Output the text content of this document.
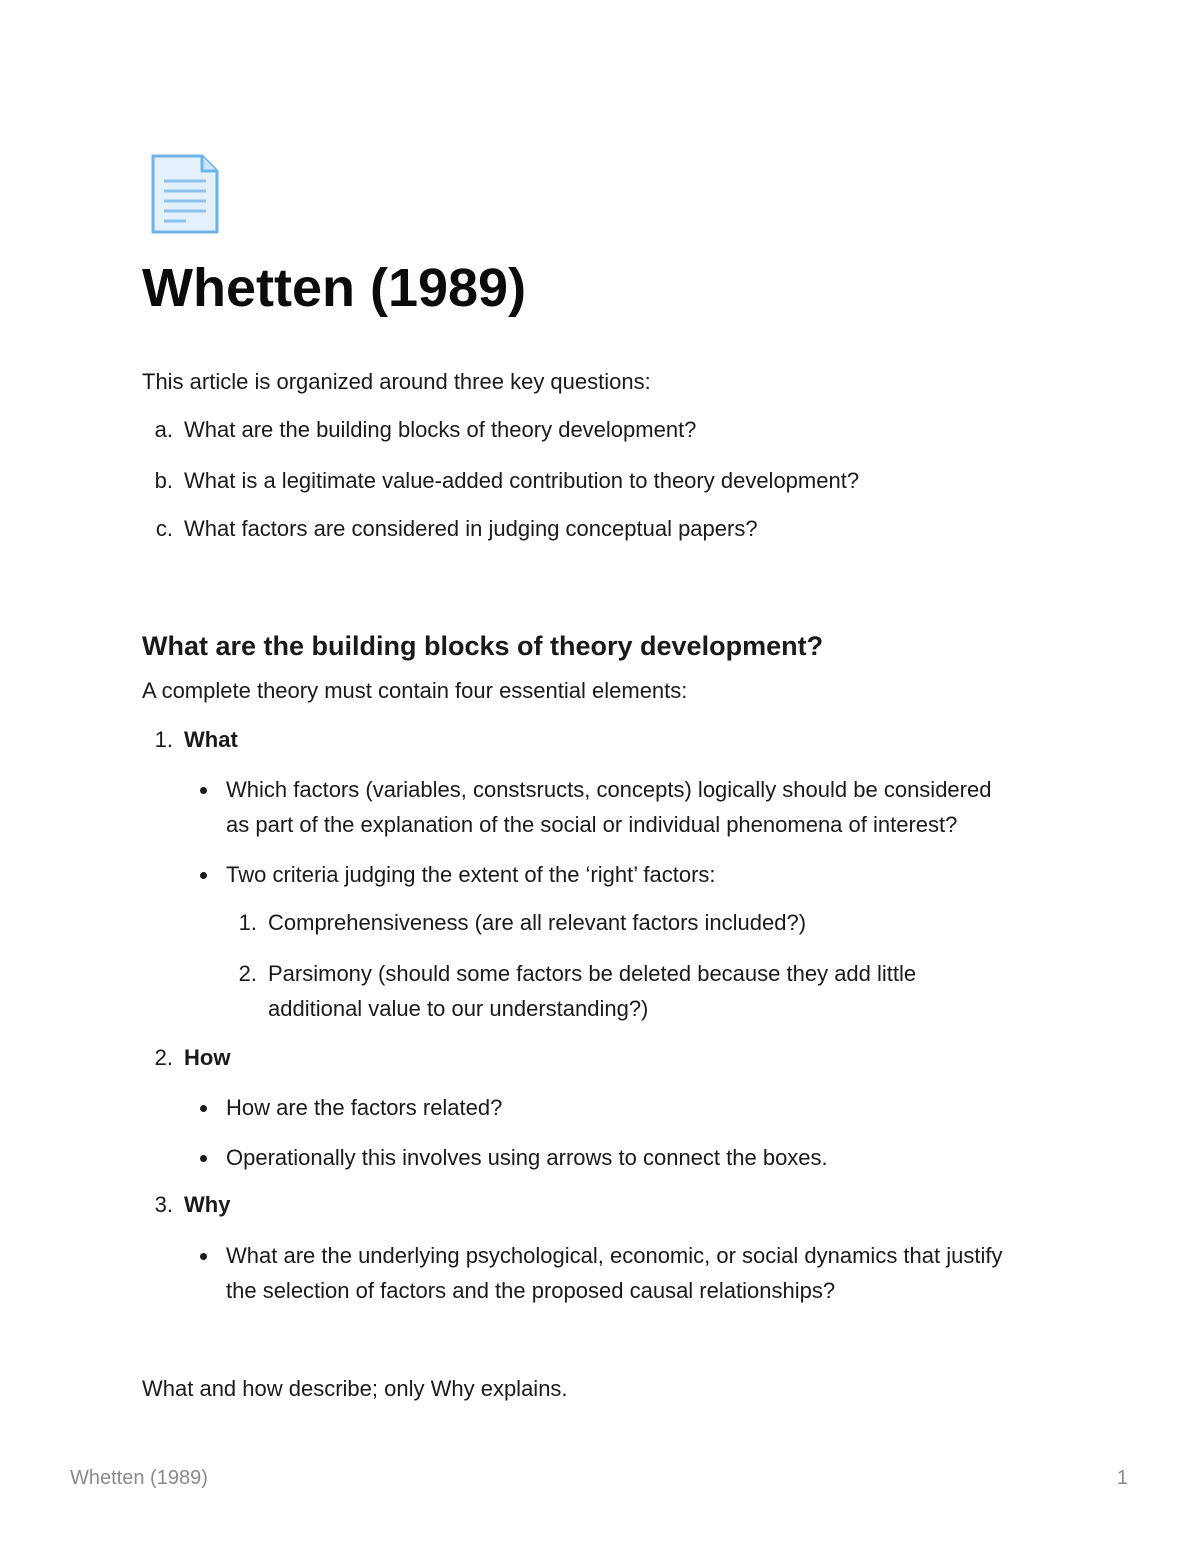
Whetten (1989)

This article is organized around three key questions:

a. What are the building blocks of theory development?
b. What is a legitimate value-added contribution to theory development?
c. What factors are considered in judging conceptual papers?
What are the building blocks of theory development?

A complete theory must contain four essential elements:

1. What
Which factors (variables, constsructs, concepts) logically should be considered
as part of the explanation of the social or individual phenomena of interest?
Two criteria judging the extent of the ‘right’ factors:
1. Comprehensiveness (are all relevant factors included?)
2. Parsimony (should some factors be deleted because they add little
additional value to our understanding?)
2. How
How are the factors related?
Operationally this involves using arrows to connect the boxes.
3. Why
What are the underlying psychological, economic, or social dynamics that justify
the selection of factors and the proposed causal relationships?

What and how describe; only Why explains.

Whetten (1989)	1
